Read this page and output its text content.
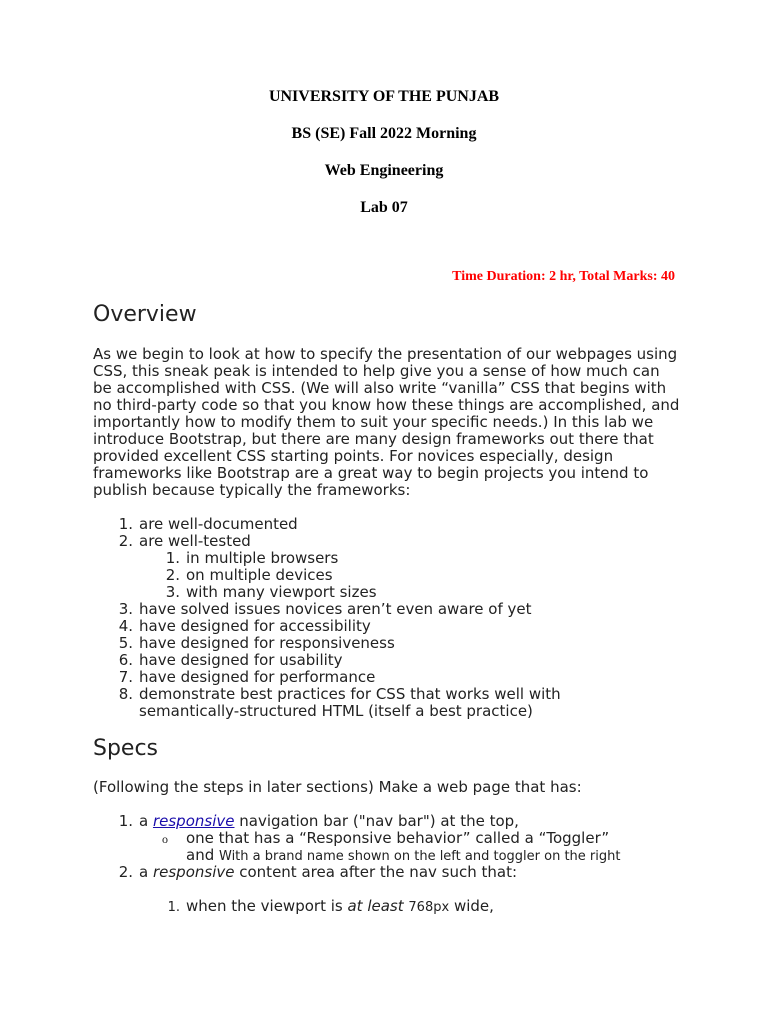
UNIVERSITY OF THE PUNJAB
BS (SE) Fall 2022 Morning
Web Engineering
Lab 07
Time Duration: 2 hr, Total Marks: 40
Overview

As we begin to look at how to specify the presentation of our webpages using CSS, this sneak peak is intended to help give you a sense of how much can be accomplished with CSS. (We will also write “vanilla” CSS that begins with no third-party code so that you know how these things are accomplished, and importantly how to modify them to suit your specific needs.) In this lab we introduce Bootstrap, but there are many design frameworks out there that provided excellent CSS starting points. For novices especially, design frameworks like Bootstrap are a great way to begin projects you intend to publish because typically the frameworks:

1. are well-documented
2. are well-tested
1. in multiple browsers
2. on multiple devices
3. with many viewport sizes
3. have solved issues novices aren’t even aware of yet
4. have designed for accessibility
5. have designed for responsiveness
6. have designed for usability
7. have designed for performance
8. demonstrate best practices for CSS that works well with
semantically-structured HTML (itself a best practice)
Specs
(Following the steps in later sections) Make a web page that has:
1. a responsive navigation bar ("nav bar") at the top,
o one that has a “Responsive behavior” called a “Toggler”
and With a brand name shown on the left and toggler on the right
2. a responsive content area after the nav such that:
1. when the viewport is at least 768px wide,
